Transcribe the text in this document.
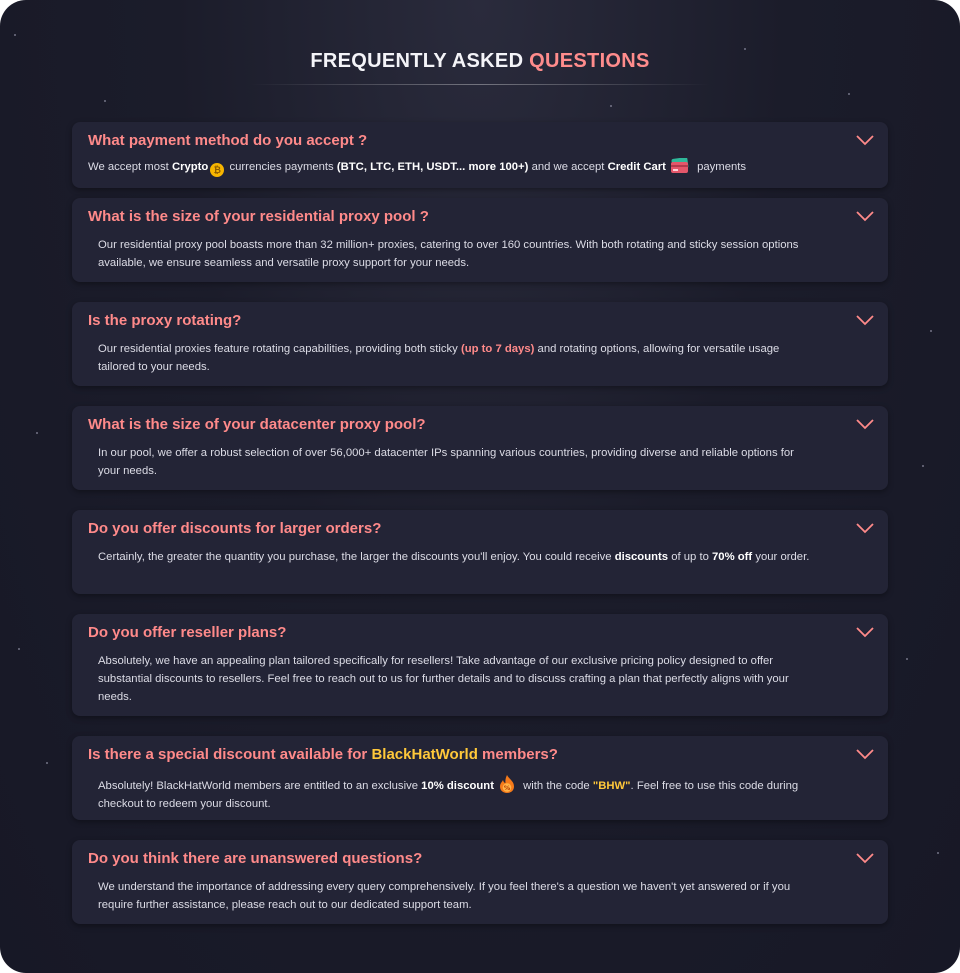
FREQUENTLY ASKED QUESTIONS
What payment method do you accept ?
We accept most Crypto ₿ currencies payments (BTC, LTC, ETH, USDT... more 100+) and we accept Credit Cart	payments
What is the size of your residential proxy pool ?
Our residential proxy pool boasts more than 32 million+ proxies, catering to over 160 countries. With both rotating and sticky session options available, we ensure seamless and versatile proxy support for your needs.
Is the proxy rotating?
Our residential proxies feature rotating capabilities, providing both sticky (up to 7 days) and rotating options, allowing for versatile usage tailored to your needs.
What is the size of your datacenter proxy pool?
In our pool, we offer a robust selection of over 56,000+ datacenter IPs spanning various countries, providing diverse and reliable options for your needs.
Do you offer discounts for larger orders?
Certainly, the greater the quantity you purchase, the larger the discounts you'll enjoy. You could receive discounts of up to 70% off your order.
Do you offer reseller plans?
Absolutely, we have an appealing plan tailored specifically for resellers! Take advantage of our exclusive pricing policy designed to offer substantial discounts to resellers. Feel free to reach out to us for further details and to discuss crafting a plan that perfectly aligns with your needs.
Is there a special discount available for BlackHatWorld members?
Absolutely! BlackHatWorld members are entitled to an exclusive 10% discount % with the code "BHW". Feel free to use this code during checkout to redeem your discount.
Do you think there are unanswered questions?
We understand the importance of addressing every query comprehensively. If you feel there's a question we haven't yet answered or if you require further assistance, please reach out to our dedicated support team.
